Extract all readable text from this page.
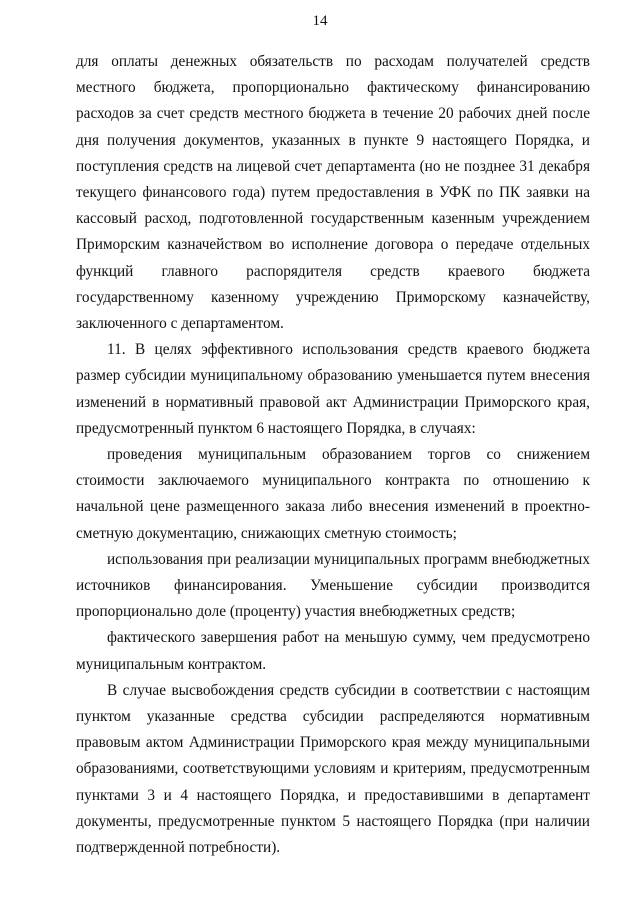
14

для оплаты денежных обязательств по расходам получателей средств местного бюджета, пропорционально фактическому финансированию расходов за счет средств местного бюджета в течение 20 рабочих дней после дня получения документов, указанных в пункте 9 настоящего Порядка, и поступления средств на лицевой счет департамента (но не позднее 31 декабря текущего финансового года) путем предоставления в УФК по ПК заявки на кассовый расход, подготовленной государственным казенным учреждением Приморским казначейством во исполнение договора о передаче отдельных функций главного распорядителя средств краевого бюджета государственному казенному учреждению Приморскому казначейству, заключенного с департаментом.

11. В целях эффективного использования средств краевого бюджета размер субсидии муниципальному образованию уменьшается путем внесения изменений в нормативный правовой акт Администрации Приморского края, предусмотренный пунктом 6 настоящего Порядка, в случаях:

проведения муниципальным образованием торгов со снижением стоимости заключаемого муниципального контракта по отношению к начальной цене размещенного заказа либо внесения изменений в проектно-сметную документацию, снижающих сметную стоимость;

использования при реализации муниципальных программ внебюджетных источников финансирования. Уменьшение субсидии производится пропорционально доле (проценту) участия внебюджетных средств;

фактического завершения работ на меньшую сумму, чем предусмотрено муниципальным контрактом.

В случае высвобождения средств субсидии в соответствии с настоящим пунктом указанные средства субсидии распределяются нормативным правовым актом Администрации Приморского края между муниципальными образованиями, соответствующими условиям и критериям, предусмотренным пунктами 3 и 4 настоящего Порядка, и предоставившими в департамент документы, предусмотренные пунктом 5 настоящего Порядка (при наличии подтвержденной потребности).
